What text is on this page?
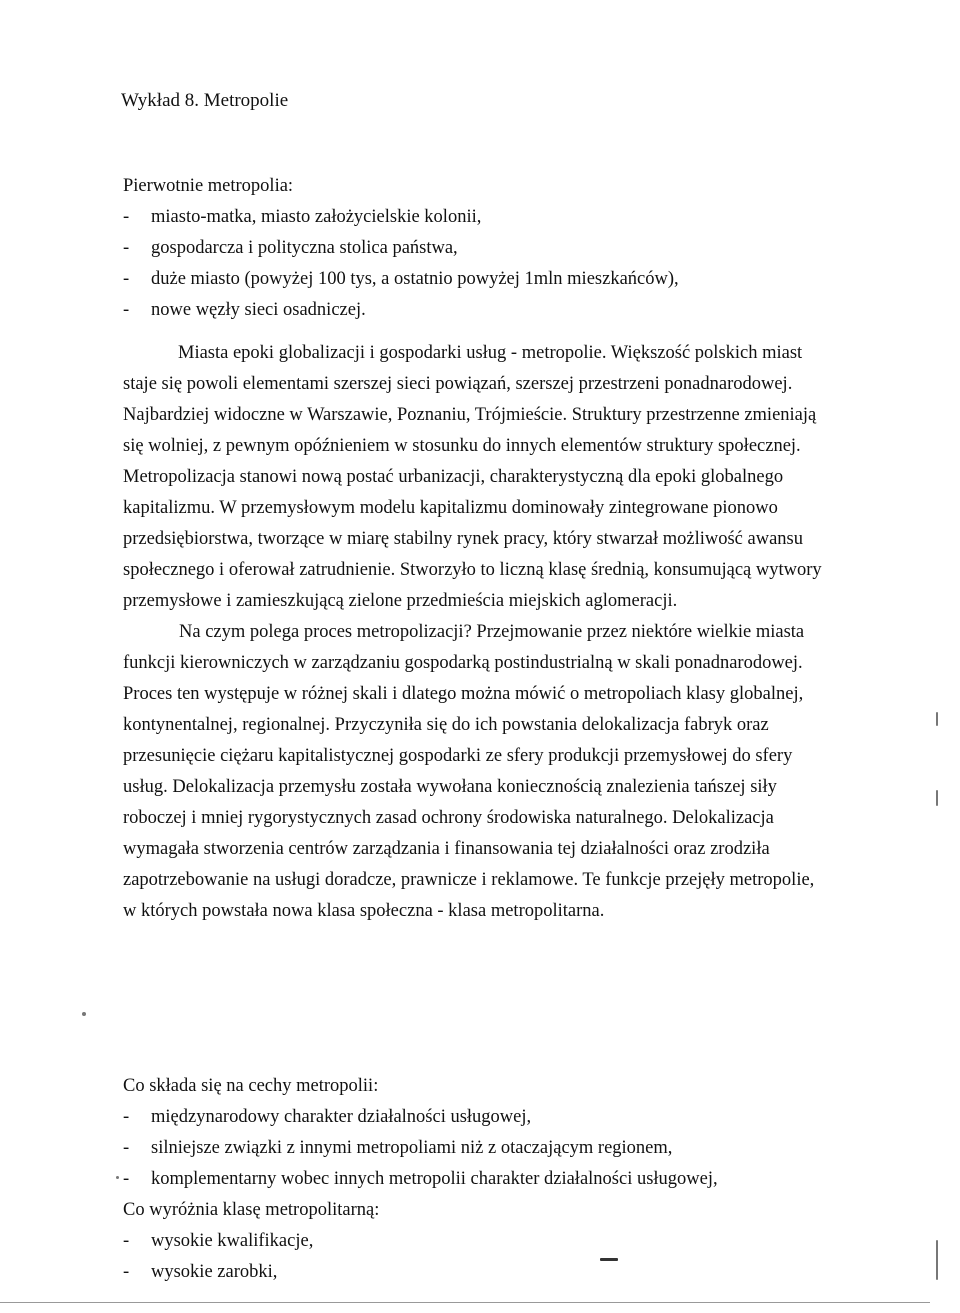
Wykład 8. Metropolie
Pierwotnie metropolia:
-	miasto-matka, miasto założycielskie kolonii,
-	gospodarcza i polityczna stolica państwa,
-	duże miasto (powyżej 100 tys, a ostatnio powyżej 1mln mieszkańców),
-	nowe węzły sieci osadniczej.
Miasta epoki globalizacji i gospodarki usług - metropolie. Większość polskich miast
staje się powoli elementami szerszej sieci powiązań, szerszej przestrzeni ponadnarodowej.
Najbardziej widoczne w Warszawie, Poznaniu, Trójmieście. Struktury przestrzenne zmieniają
się wolniej, z pewnym opóźnieniem w stosunku do innych elementów struktury społecznej.
Metropolizacja stanowi nową postać urbanizacji, charakterystyczną dla epoki globalnego
kapitalizmu. W przemysłowym modelu kapitalizmu dominowały zintegrowane pionowo
przedsiębiorstwa, tworzące w miarę stabilny rynek pracy, który stwarzał możliwość awansu
społecznego i oferował zatrudnienie. Stworzyło to liczną klasę średnią, konsumującą wytwory
przemysłowe i zamieszkującą zielone przedmieścia miejskich aglomeracji.
Na czym polega proces metropolizacji? Przejmowanie przez niektóre wielkie miasta
funkcji kierowniczych w zarządzaniu gospodarką postindustrialną w skali ponadnarodowej.
Proces ten występuje w różnej skali i dlatego można mówić o metropoliach klasy globalnej,
kontynentalnej, regionalnej. Przyczyniła się do ich powstania delokalizacja fabryk oraz
przesunięcie ciężaru kapitalistycznej gospodarki ze sfery produkcji przemysłowej do sfery
usług. Delokalizacja przemysłu została wywołana koniecznością znalezienia tańszej siły
roboczej i mniej rygorystycznych zasad ochrony środowiska naturalnego. Delokalizacja
wymagała stworzenia centrów zarządzania i finansowania tej działalności oraz zrodziła
zapotrzebowanie na usługi doradcze, prawnicze i reklamowe. Te funkcje przejęły metropolie,
w których powstała nowa klasa społeczna - klasa metropolitarna.
Co składa się na cechy metropolii:
-	międzynarodowy charakter działalności usługowej,
-	silniejsze związki z innymi metropoliami niż z otaczającym regionem,
-	komplementarny wobec innych metropolii charakter działalności usługowej,
Co wyróżnia klasę metropolitarną:
-	wysokie kwalifikacje,
-	wysokie zarobki,
